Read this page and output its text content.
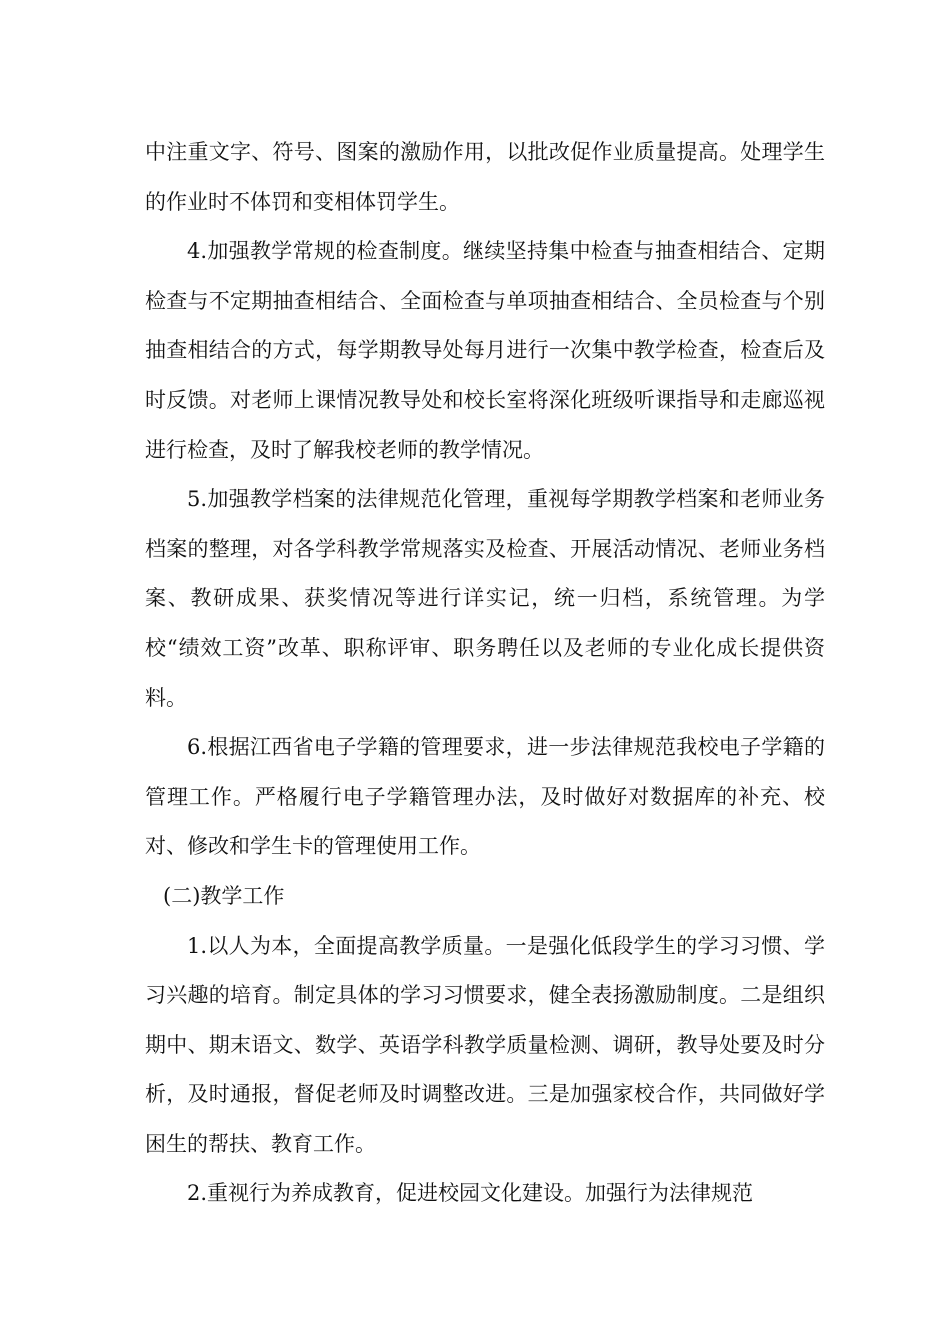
中注重文字、符号、图案的激励作用，以批改促作业质量提高。处理学生的作业时不体罚和变相体罚学生。

4.加强教学常规的检查制度。继续坚持集中检查与抽查相结合、定期检查与不定期抽查相结合、全面检查与单项抽查相结合、全员检查与个别抽查相结合的方式，每学期教导处每月进行一次集中教学检查，检查后及时反馈。对老师上课情况教导处和校长室将深化班级听课指导和走廊巡视进行检查，及时了解我校老师的教学情况。

5.加强教学档案的法律规范化管理，重视每学期教学档案和老师业务档案的整理，对各学科教学常规落实及检查、开展活动情况、老师业务档案、教研成果、获奖情况等进行详实记，统一归档，系统管理。为学校“绩效工资”改革、职称评审、职务聘任以及老师的专业化成长提供资料。

6.根据江西省电子学籍的管理要求，进一步法律规范我校电子学籍的管理工作。严格履行电子学籍管理办法，及时做好对数据库的补充、校对、修改和学生卡的管理使用工作。

(二)教学工作

1.以人为本，全面提高教学质量。一是强化低段学生的学习习惯、学习兴趣的培育。制定具体的学习习惯要求，健全表扬激励制度。二是组织期中、期末语文、数学、英语学科教学质量检测、调研，教导处要及时分析，及时通报，督促老师及时调整改进。三是加强家校合作，共同做好学困生的帮扶、教育工作。

2.重视行为养成教育，促进校园文化建设。加强行为法律规范
